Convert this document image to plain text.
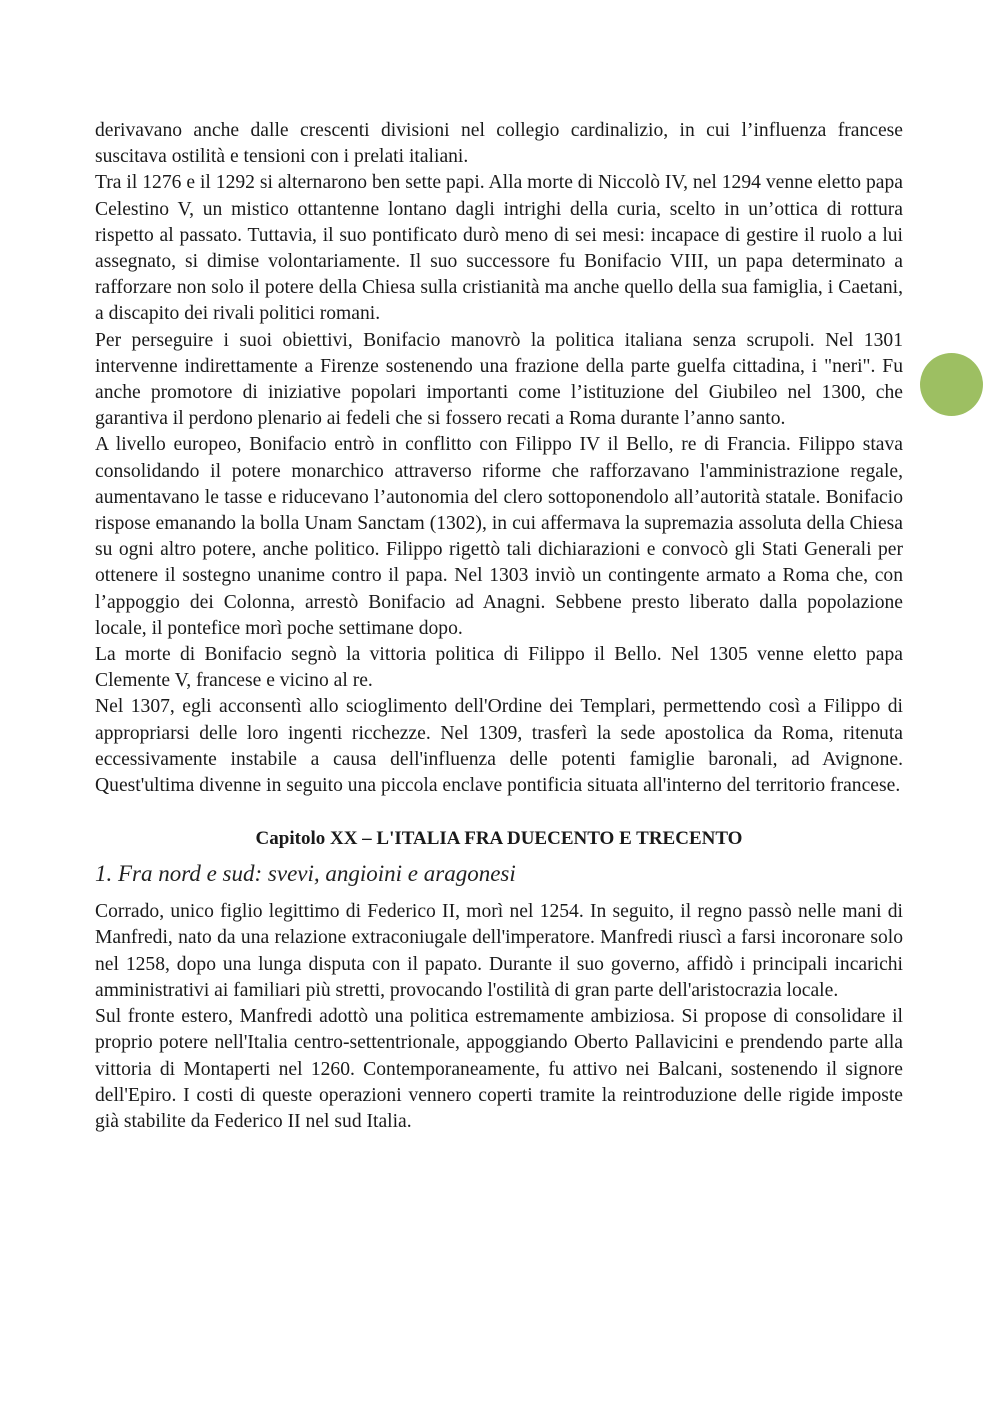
derivavano anche dalle crescenti divisioni nel collegio cardinalizio, in cui l’influenza francese suscitava ostilità e tensioni con i prelati italiani.

Tra il 1276 e il 1292 si alternarono ben sette papi. Alla morte di Niccolò IV, nel 1294 venne eletto papa Celestino V, un mistico ottantenne lontano dagli intrighi della curia, scelto in un’ottica di rottura rispetto al passato. Tuttavia, il suo pontificato durò meno di sei mesi: incapace di gestire il ruolo a lui assegnato, si dimise volontariamente. Il suo successore fu Bonifacio VIII, un papa determinato a rafforzare non solo il potere della Chiesa sulla cristianità ma anche quello della sua famiglia, i Caetani, a discapito dei rivali politici romani.

Per perseguire i suoi obiettivi, Bonifacio manovrò la politica italiana senza scrupoli. Nel 1301 intervenne indirettamente a Firenze sostenendo una frazione della parte guelfa cittadina, i "neri". Fu anche promotore di iniziative popolari importanti come l’istituzione del Giubileo nel 1300, che garantiva il perdono plenario ai fedeli che si fossero recati a Roma durante l’anno santo.

A livello europeo, Bonifacio entrò in conflitto con Filippo IV il Bello, re di Francia. Filippo stava consolidando il potere monarchico attraverso riforme che rafforzavano l'amministrazione regale, aumentavano le tasse e riducevano l’autonomia del clero sottoponendolo all’autorità statale. Bonifacio rispose emanando la bolla Unam Sanctam (1302), in cui affermava la supremazia assoluta della Chiesa su ogni altro potere, anche politico. Filippo rigettò tali dichiarazioni e convocò gli Stati Generali per ottenere il sostegno unanime contro il papa. Nel 1303 inviò un contingente armato a Roma che, con l’appoggio dei Colonna, arrestò Bonifacio ad Anagni. Sebbene presto liberato dalla popolazione locale, il pontefice morì poche settimane dopo.

La morte di Bonifacio segnò la vittoria politica di Filippo il Bello. Nel 1305 venne eletto papa Clemente V, francese e vicino al re.

Nel 1307, egli acconsentì allo scioglimento dell'Ordine dei Templari, permettendo così a Filippo di appropriarsi delle loro ingenti ricchezze. Nel 1309, trasferì la sede apostolica da Roma, ritenuta eccessivamente instabile a causa dell'influenza delle potenti famiglie baronali, ad Avignone. Quest'ultima divenne in seguito una piccola enclave pontificia situata all'interno del territorio francese.

Capitolo XX – L'ITALIA FRA DUECENTO E TRECENTO
1. Fra nord e sud: svevi, angioini e aragonesi

Corrado, unico figlio legittimo di Federico II, morì nel 1254. In seguito, il regno passò nelle mani di Manfredi, nato da una relazione extraconiugale dell'imperatore. Manfredi riuscì a farsi incoronare solo nel 1258, dopo una lunga disputa con il papato. Durante il suo governo, affidò i principali incarichi amministrativi ai familiari più stretti, provocando l'ostilità di gran parte dell'aristocrazia locale.

Sul fronte estero, Manfredi adottò una politica estremamente ambiziosa. Si propose di consolidare il proprio potere nell'Italia centro-settentrionale, appoggiando Oberto Pallavicini e prendendo parte alla vittoria di Montaperti nel 1260. Contemporaneamente, fu attivo nei Balcani, sostenendo il signore dell'Epiro. I costi di queste operazioni vennero coperti tramite la reintroduzione delle rigide imposte già stabilite da Federico II nel sud Italia.
